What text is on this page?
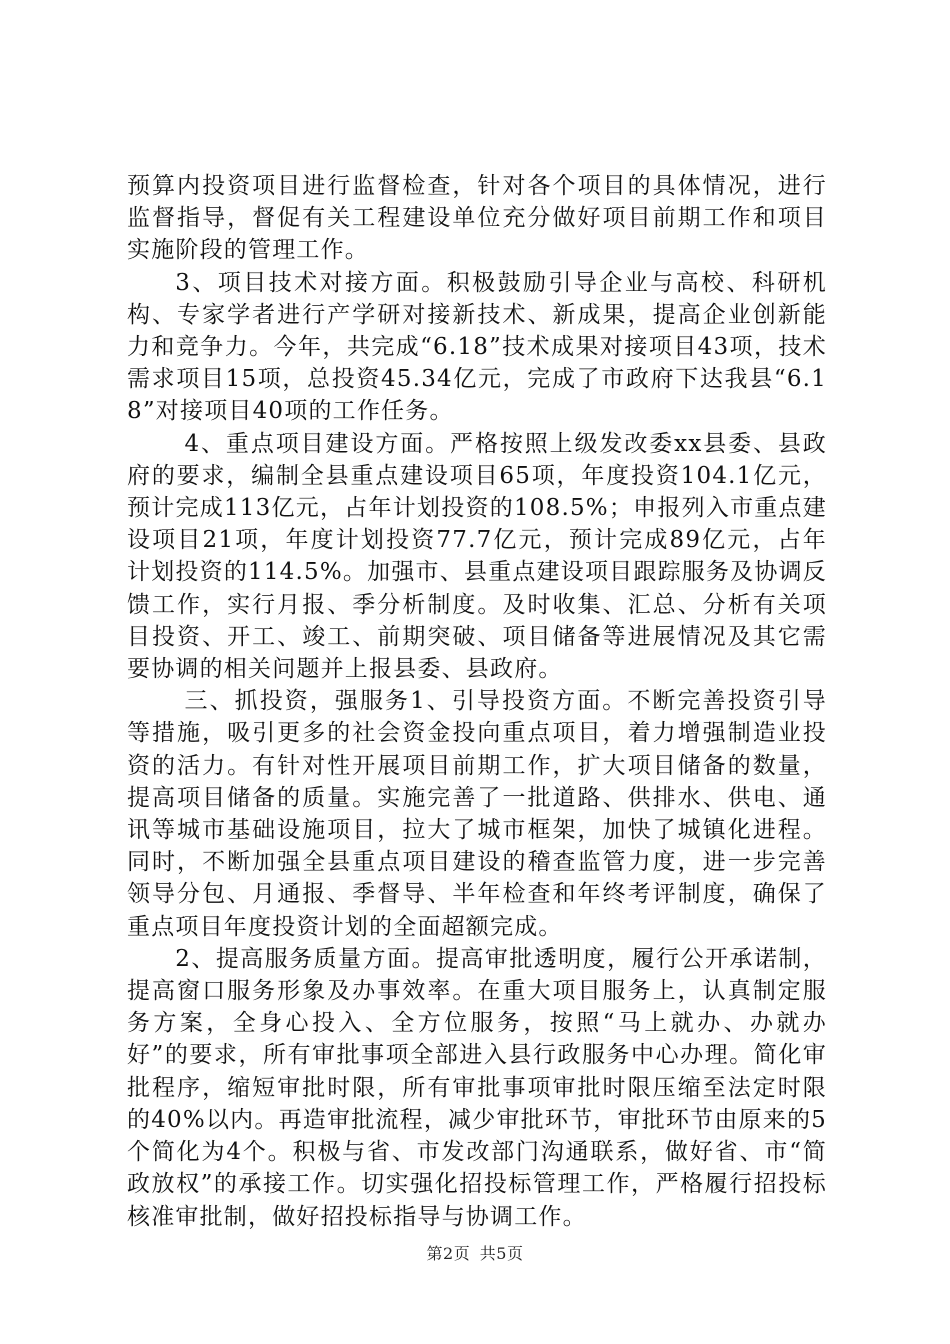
预算内投资项目进行监督检查，针对各个项目的具体情况，进行监督指导，督促有关工程建设单位充分做好项目前期工作和项目实施阶段的管理工作。

3、项目技术对接方面。积极鼓励引导企业与高校、科研机构、专家学者进行产学研对接新技术、新成果，提高企业创新能力和竞争力。今年，共完成“6.18”技术成果对接项目43项，技术需求项目15项，总投资45.34亿元，完成了市政府下达我县“6.18”对接项目40项的工作任务。

4、重点项目建设方面。严格按照上级发改委xx县委、县政府的要求，编制全县重点建设项目65项，年度投资104.1亿元，预计完成113亿元，占年计划投资的108.5%；申报列入市重点建设项目21项，年度计划投资77.7亿元，预计完成89亿元，占年计划投资的114.5%。加强市、县重点建设项目跟踪服务及协调反馈工作，实行月报、季分析制度。及时收集、汇总、分析有关项目投资、开工、竣工、前期突破、项目储备等进展情况及其它需要协调的相关问题并上报县委、县政府。

三、抓投资，强服务1、引导投资方面。不断完善投资引导等措施，吸引更多的社会资金投向重点项目，着力增强制造业投资的活力。有针对性开展项目前期工作，扩大项目储备的数量，提高项目储备的质量。实施完善了一批道路、供排水、供电、通讯等城市基础设施项目，拉大了城市框架，加快了城镇化进程。同时，不断加强全县重点项目建设的稽查监管力度，进一步完善领导分包、月通报、季督导、半年检查和年终考评制度，确保了重点项目年度投资计划的全面超额完成。

2、提高服务质量方面。提高审批透明度，履行公开承诺制，提高窗口服务形象及办事效率。在重大项目服务上，认真制定服务方案，全身心投入、全方位服务，按照“马上就办、办就办好”的要求，所有审批事项全部进入县行政服务中心办理。简化审批程序，缩短审批时限，所有审批事项审批时限压缩至法定时限的40%以内。再造审批流程，减少审批环节，审批环节由原来的5个简化为4个。积极与省、市发改部门沟通联系，做好省、市“简政放权”的承接工作。切实强化招投标管理工作，严格履行招投标核准审批制，做好招投标指导与协调工作。

第2页 共5页
